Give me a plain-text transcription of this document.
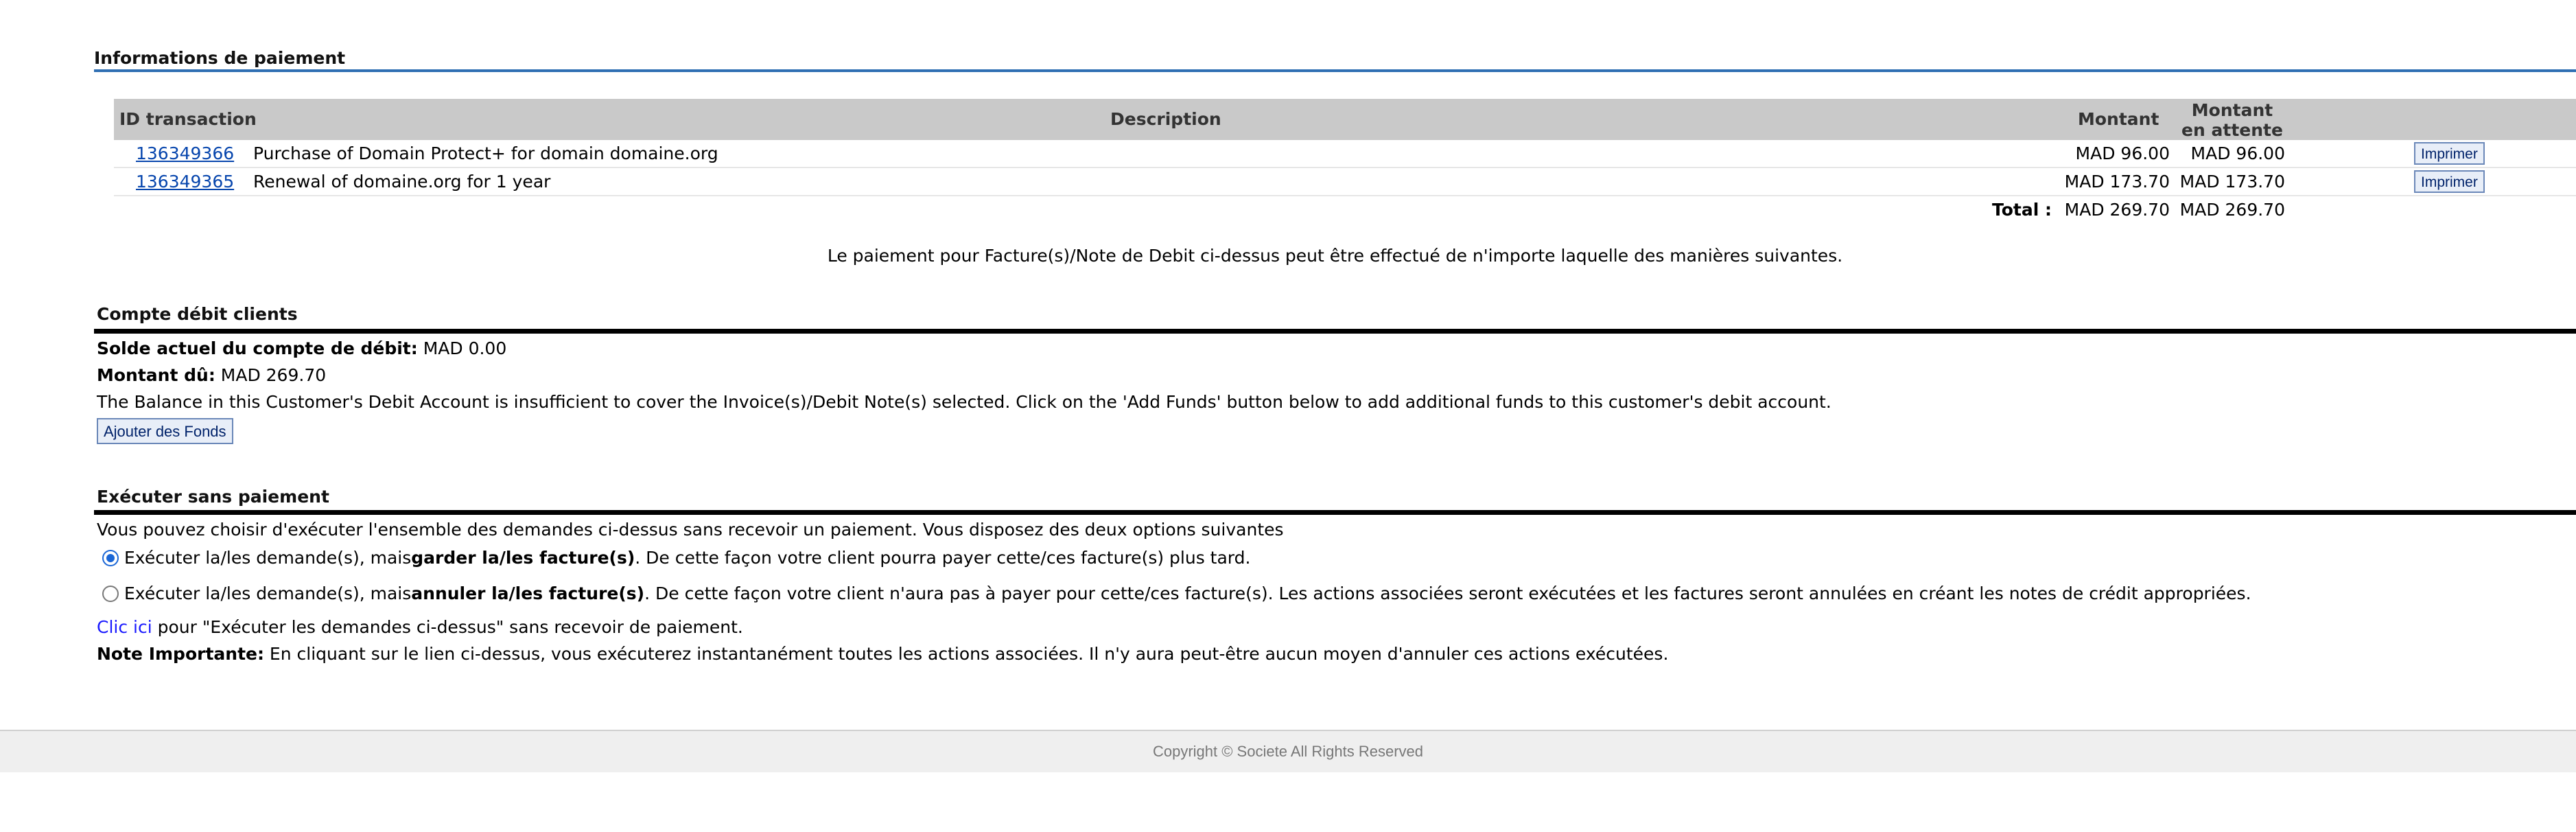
Informations de paiement
ID transaction	Description	Montant	Montant
en attente
136349366 Purchase of Domain Protect+ for domain domaine.org	MAD 96.00 MAD 96.00	Imprimer
136349365 Renewal of domaine.org for 1 year	MAD 173.70 MAD 173.70	Imprimer
Total : MAD 269.70 MAD 269.70
Le paiement pour Facture(s)/Note de Debit ci-dessus peut être effectué de n'importe laquelle des manières suivantes.
Compte débit clients
Solde actuel du compte de débit: MAD 0.00
Montant dû: MAD 269.70
The Balance in this Customer's Debit Account is insufficient to cover the Invoice(s)/Debit Note(s) selected. Click on the 'Add Funds' button below to add additional funds to this customer's debit account.
Ajouter des Fonds
Exécuter sans paiement
Vous pouvez choisir d'exécuter l'ensemble des demandes ci-dessus sans recevoir un paiement. Vous disposez des deux options suivantes
Exécuter la/les demande(s), mais garder la/les facture(s) . De cette façon votre client pourra payer cette/ces facture(s) plus tard.
Exécuter la/les demande(s), mais annuler la/les facture(s) . De cette façon votre client n'aura pas à payer pour cette/ces facture(s). Les actions associées seront exécutées et les factures seront annulées en créant les notes de crédit appropriées.
Clic ici pour "Exécuter les demandes ci-dessus" sans recevoir de paiement.
Note Importante: En cliquant sur le lien ci-dessus, vous exécuterez instantanément toutes les actions associées. Il n'y aura peut-être aucun moyen d'annuler ces actions exécutées.
Copyright © Societe All Rights Reserved
